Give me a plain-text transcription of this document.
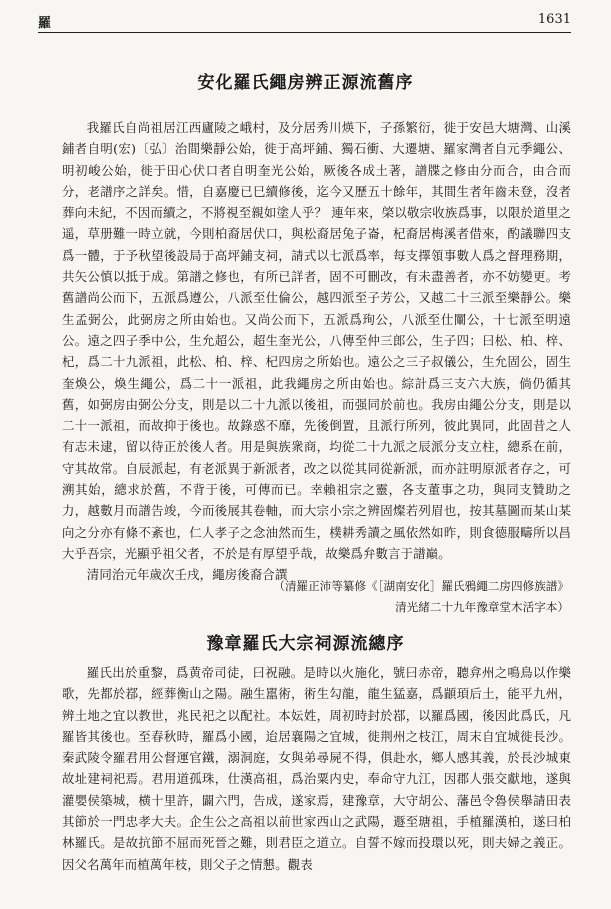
羅	1631
安化羅氏繩房辨正源流舊序

我羅氏自尚祖居江西廬陵之峨村，及分居秀川煐下，子孫繁衍，徙于安邑大塘灣、山溪鋪者自明(宏)〔弘〕治間樂靜公始，徙于高坪鋪、獨石衝、大遷塘、羅家灣者自元季繩公、明初峻公始，徙于田心伏口者自明奎光公始，厥後各成土著，譜牒之修由分而合，由合而分，老譜序之詳矣。惜，自嘉慶已巳續修後，迄今又歷五十餘年，其間生者年齒未登，沒者葬向未紀，不因而續之，不將視至親如塗人乎？ 連年來，棨以敬宗收族爲事，以限於道里之遥，草册難一時立就，今則柏裔居伏口，與松裔居兔子崙，杞裔居梅溪者借來，酌議聯四支爲一體，于予秋望後設局于高坪鋪支祠，請式以七派爲率，每支擇領事數人爲之督理務期，共矢公慎以抵于成。第譜之修也，有所已詳者，固不可刪改，有未盡善者，亦不妨變更。考舊譜尚公而下，五派爲遵公，八派至仕倫公，越四派至子芳公，又越二十三派至樂靜公。樂生孟弼公，此弼房之所由始也。又尚公而下，五派爲珣公，八派至仕闡公，十七派至明遠公。遠之四子季中公，生允超公，超生奎光公，八傳至仲三郎公，生子四；曰松、柏、梓、杞，爲二十九派祖，此松、柏、梓、杞四房之所始也。遠公之三子叔儀公，生允固公，固生奎煥公，煥生繩公，爲二十一派祖，此我繩房之所由始也。綜計爲三支六大族，倘仍循其舊，如弼房由弼公分支，則是以二十九派以後祖，而强同於前也。我房由繩公分支，則是以二十一派祖，而故抑于後也。故錄惑不靡，先後倒置，且派行所列，彼此異同，此固昔之人有志未逮，留以待正於後人者。用是與族衆商，均從二十九派之辰派分支立柱，總系在前，守其故常。自辰派起，有老派異于新派者，改之以從其同從新派，而亦註明原派者存之，可溯其始，總求於舊，不背于後，可傳而已。幸賴祖宗之靈，各支董事之功，與同支贊助之力，越數月而譜告竣，今而後展其卷軸，而大宗小宗之辨固燦若列眉也，按其墓圖而某山某向之分亦有條不紊也，仁人孝子之念油然而生，樸耕秀讀之風依然如昨，則食德服疇所以昌大乎吾宗，光顯乎祖父者，不於是有厚望乎哉，故樂爲弁數言于譜巔。

清同治元年歲次壬戌，繩房後裔合譔

（清羅正沛等纂修《［湖南安化］羅氏鴉繩二房四修族譜》
清光緒二十九年豫章堂木活字本）
豫章羅氏大宗祠源流總序

羅氏出於重黎，爲黄帝司徒，曰祝融。是時以火施化，號曰赤帝，聽弇州之鳴鳥以作樂歌，先都於鄀，經葬衡山之陽。融生嚚術，術生勾龍，龍生猛嘉，爲顓頊后土，能平九州，辨土地之宜以教世，兆民祀之以配社。本妘姓，周初時封於鄀，以羅爲國，後因此爲氏，凡羅皆其後也。至春秋時，羅爲小國，迨居襄陽之宜城，徙荆州之枝江，周末自宜城徙長沙。秦武陵令羅君用公督運官鐵，溺洞庭，女與弟尋屍不得，俱赴水，鄉人感其義，於長沙城東故址建祠祀焉。君用道孤珠，仕漢高祖，爲治粟内史，奉命守九江，因郡人張交獻地，遂與灌嬰侯築城，横十里許，闢六門，告成，遂家焉，建豫章，大守胡公、藩邑令魯侯舉請田表其節於一門忠孝大夫。企生公之高祖以前世家西山之武陽，遯至瑭祖，手植羅漢柏，遂曰柏林羅氏。是故抗節不屈而死晉之難，則君臣之道立。自誓不嫁而投環以死，則夫婦之義正。因父名萬年而植萬年枝，則父子之情懇。觀表
